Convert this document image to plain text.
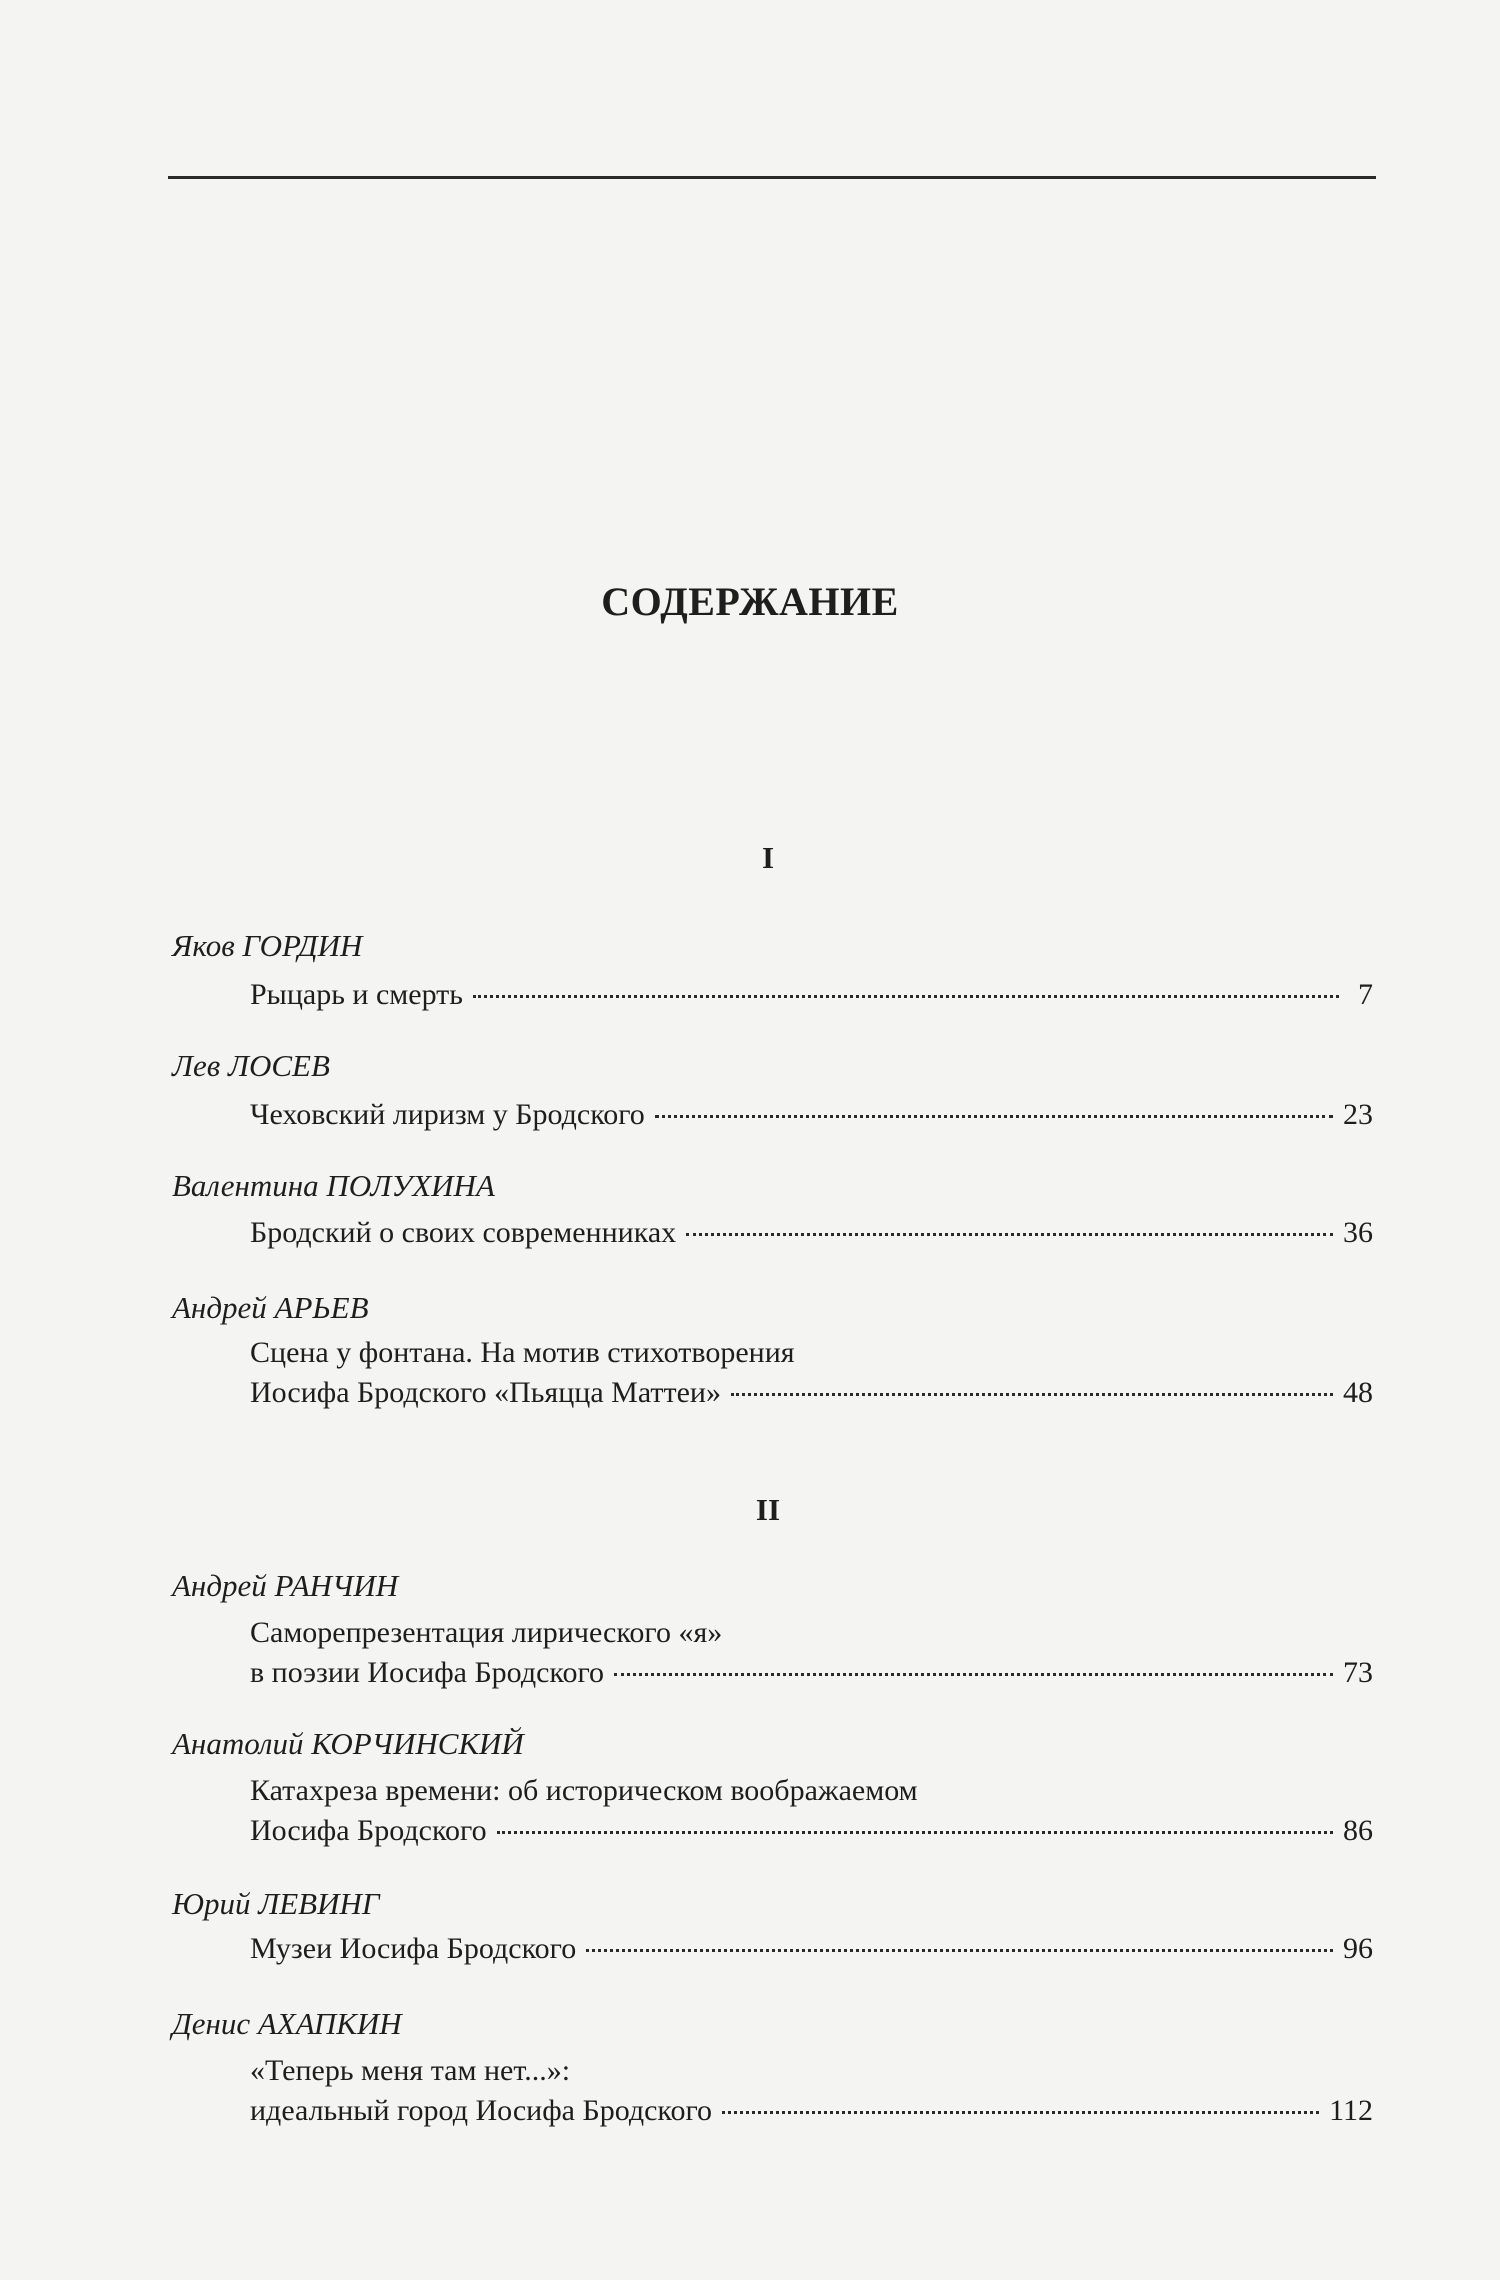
СОДЕРЖАНИЕ
I
Яков ГОРДИН
Рыцарь и смерть	7
Лев ЛОСЕВ
Чеховский лиризм у Бродского	23
Валентина ПОЛУХИНА
Бродский о своих современниках	36
Андрей АРЬЕВ
Сцена у фонтана. На мотив стихотворения
Иосифа Бродского «Пьяцца Маттеи»	48
II
Андрей РАНЧИН
Саморепрезентация лирического «я»
в поэзии Иосифа Бродского	73
Анатолий КОРЧИНСКИЙ
Катахреза времени: об историческом воображаемом
Иосифа Бродского	86
Юрий ЛЕВИНГ
Музеи Иосифа Бродского	96
Денис АХАПКИН
«Теперь меня там нет...»:
идеальный город Иосифа Бродского	112
